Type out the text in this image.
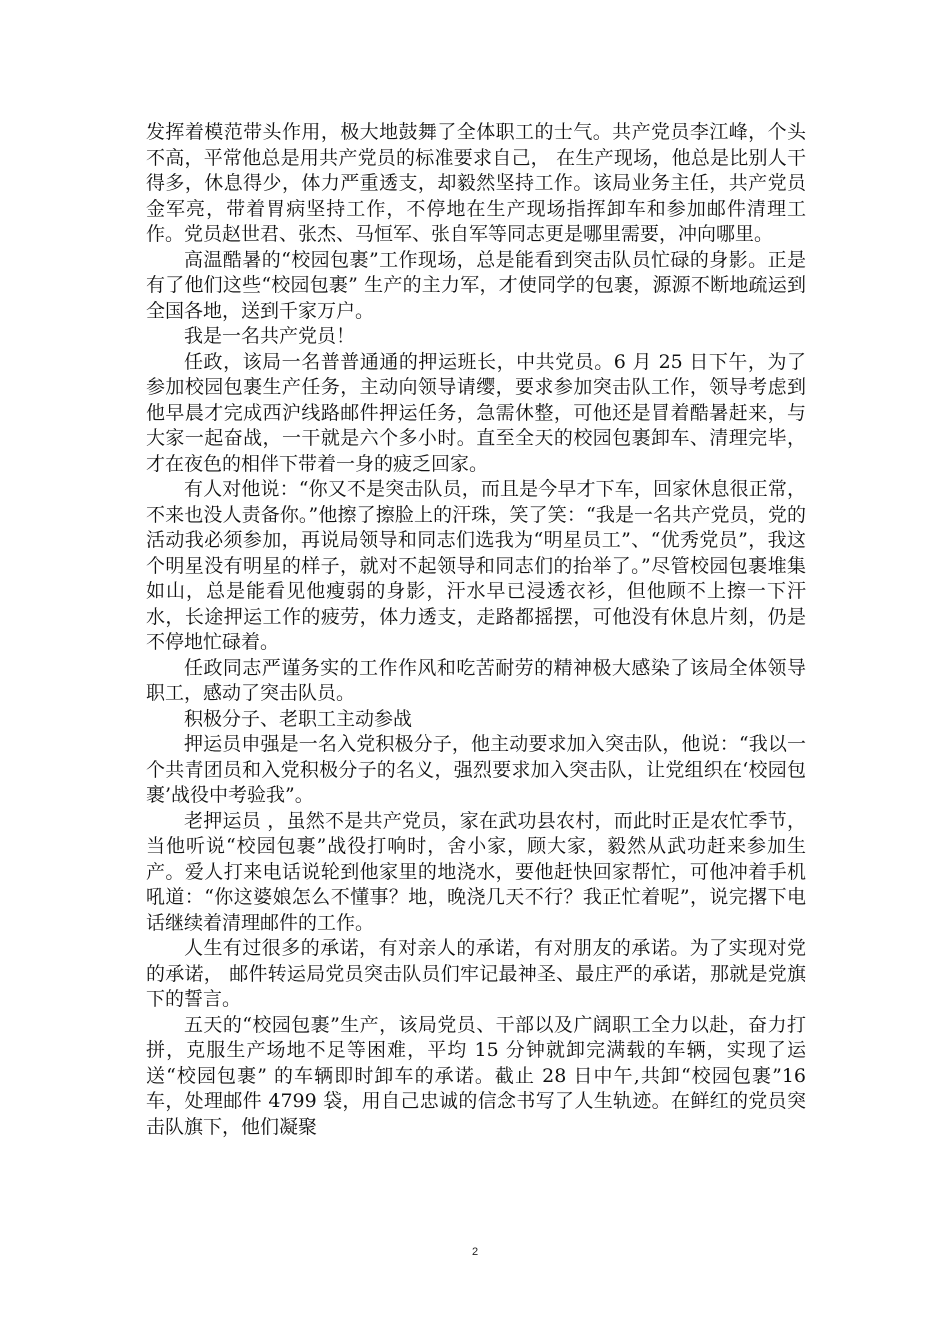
发挥着模范带头作用，极大地鼓舞了全体职工的士气。共产党员李江峰，个头不高，平常他总是用共产党员的标准要求自己， 在生产现场，他总是比别人干得多，休息得少，体力严重透支，却毅然坚持工作。该局业务主任，共产党员金军亮，带着胃病坚持工作，不停地在生产现场指挥卸车和参加邮件清理工作。党员赵世君、张杰、马恒军、张自军等同志更是哪里需要，冲向哪里。

高温酷暑的“校园包裹”工作现场，总是能看到突击队员忙碌的身影。正是有了他们这些“校园包裹” 生产的主力军，才使同学的包裹，源源不断地疏运到全国各地，送到千家万户。

我是一名共产党员！

任政，该局一名普普通通的押运班长，中共党员。6 月 25 日下午，为了参加校园包裹生产任务，主动向领导请缨，要求参加突击队工作，领导考虑到他早晨才完成西沪线路邮件押运任务，急需休整，可他还是冒着酷暑赶来，与大家一起奋战，一干就是六个多小时。直至全天的校园包裹卸车、清理完毕，才在夜色的相伴下带着一身的疲乏回家。

有人对他说：“你又不是突击队员，而且是今早才下车，回家休息很正常，不来也没人责备你。”他擦了擦脸上的汗珠，笑了笑：“我是一名共产党员，党的活动我必须参加，再说局领导和同志们选我为“明星员工”、“优秀党员”，我这个明星没有明星的样子，就对不起领导和同志们的抬举了。”尽管校园包裹堆集如山，总是能看见他瘦弱的身影，汗水早已浸透衣衫，但他顾不上擦一下汗水，长途押运工作的疲劳，体力透支，走路都摇摆，可他没有休息片刻，仍是不停地忙碌着。

任政同志严谨务实的工作作风和吃苦耐劳的精神极大感染了该局全体领导职工，感动了突击队员。

积极分子、老职工主动参战

押运员申强是一名入党积极分子，他主动要求加入突击队，他说：“我以一个共青团员和入党积极分子的名义，强烈要求加入突击队，让党组织在‘校园包裹’战役中考验我”。

老押运员 ，虽然不是共产党员，家在武功县农村，而此时正是农忙季节，当他听说“校园包裹”战役打响时，舍小家，顾大家，毅然从武功赶来参加生产。爱人打来电话说轮到他家里的地浇水，要他赶快回家帮忙，可他冲着手机吼道：“你这婆娘怎么不懂事？地，晚浇几天不行？我正忙着呢”，说完撂下电话继续着清理邮件的工作。

人生有过很多的承诺，有对亲人的承诺，有对朋友的承诺。为了实现对党的承诺， 邮件转运局党员突击队员们牢记最神圣、最庄严的承诺，那就是党旗下的誓言。

五天的“校园包裹”生产，该局党员、干部以及广阔职工全力以赴，奋力打拼，克服生产场地不足等困难，平均 15 分钟就卸完满载的车辆，实现了运送“校园包裹” 的车辆即时卸车的承诺。截止 28 日中午,共卸“校园包裹”16 车，处理邮件 4799 袋，用自己忠诚的信念书写了人生轨迹。在鲜红的党员突击队旗下，他们凝聚

2
